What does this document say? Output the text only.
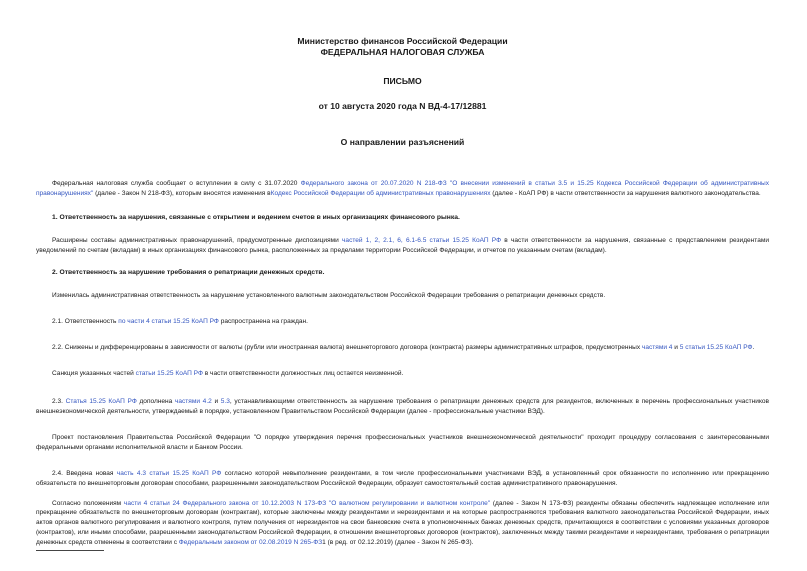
Министерство финансов Российской Федерации
ФЕДЕРАЛЬНАЯ НАЛОГОВАЯ СЛУЖБА
ПИСЬМО
от 10 августа 2020 года N ВД-4-17/12881
О направлении разъяснений

Федеральная налоговая служба сообщает о вступлении в силу с 31.07.2020 Федерального закона от 20.07.2020 N 218-ФЗ "О внесении изменений в статьи 3.5 и 15.25 Кодекса Российской Федерации об административных правонарушениях" (далее - Закон N 218-ФЗ), которым вносятся изменения вКодекс Российской Федерации об административных правонарушениях (далее - КоАП РФ) в части ответственности за нарушения валютного законодательства.

1. Ответственность за нарушения, связанные с открытием и ведением счетов в иных организациях финансового рынка.

Расширены составы административных правонарушений, предусмотренные диспозициями частей 1, 2, 2.1, 6, 6.1-6.5 статьи 15.25 КоАП РФ в части ответственности за нарушения, связанные с представлением резидентами уведомлений по счетам (вкладам) в иных организациях финансового рынка, расположенных за пределами территории Российской Федерации, и отчетов по указанным счетам (вкладам).

2. Ответственность за нарушение требования о репатриации денежных средств.

Изменилась административная ответственность за нарушение установленного валютным законодательством Российской Федерации требования о репатриации денежных средств.

2.1. Ответственность по части 4 статьи 15.25 КоАП РФ распространена на граждан.

2.2. Снижены и дифференцированы в зависимости от валюты (рубли или иностранная валюта) внешнеторгового договора (контракта) размеры административных штрафов, предусмотренных частями 4 и 5 статьи 15.25 КоАП РФ.

Санкция указанных частей статьи 15.25 КоАП РФ в части ответственности должностных лиц остается неизменной.

2.3. Статья 15.25 КоАП РФ дополнена частями 4.2 и 5.3, устанавливающими ответственность за нарушение требования о репатриации денежных средств для резидентов, включенных в перечень профессиональных участников внешнеэкономической деятельности, утверждаемый в порядке, установленном Правительством Российской Федерации (далее - профессиональные участники ВЭД).

Проект постановления Правительства Российской Федерации "О порядке утверждения перечня профессиональных участников внешнеэкономической деятельности" проходит процедуру согласования с заинтересованными федеральными органами исполнительной власти и Банком России.

2.4. Введена новая часть 4.3 статьи 15.25 КоАП РФ согласно которой невыполнение резидентами, в том числе профессиональными участниками ВЭД, в установленный срок обязанности по исполнению или прекращению обязательств по внешнеторговым договорам способами, разрешенными законодательством Российской Федерации, образует самостоятельный состав административного правонарушения.

Согласно положениям части 4 статьи 24 Федерального закона от 10.12.2003 N 173-ФЗ "О валютном регулировании и валютном контроле" (далее - Закон N 173-ФЗ) резиденты обязаны обеспечить надлежащее исполнение или прекращение обязательств по внешнеторговым договорам (контрактам), которые заключены между резидентами и нерезидентами и на которые распространяются требования валютного законодательства Российской Федерации, иных актов органов валютного регулирования и валютного контроля, путем получения от нерезидентов на свои банковские счета в уполномоченных банках денежных средств, причитающихся в соответствии с условиями указанных договоров (контрактов), или иными способами, разрешенными законодательством Российской Федерации, в отношении внешнеторговых договоров (контрактов), заключенных между такими резидентами и нерезидентами, требования о репатриации денежных средств отменены в соответствии с Федеральным законом от 02.08.2019 N 265-ФЗ1 (в ред. от 02.12.2019) (далее - Закон N 265-ФЗ).
